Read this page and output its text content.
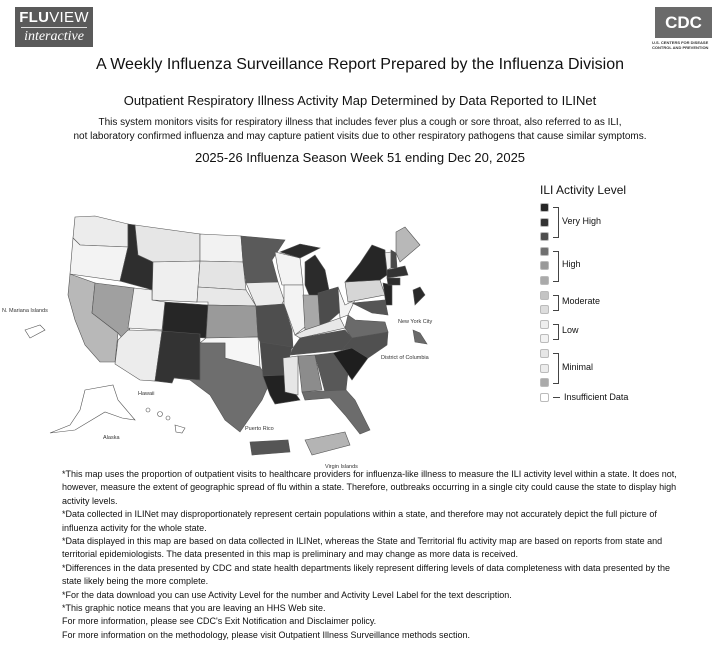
FLUVIEW
interactive
CDC
U.S. CENTERS FOR DISEASE CONTROL AND PREVENTION
A Weekly Influenza Surveillance Report Prepared by the Influenza Division
Outpatient Respiratory Illness Activity Map Determined by Data Reported to ILINet
This system monitors visits for respiratory illness that includes fever plus a cough or sore throat, also referred to as ILI,
not laboratory confirmed influenza and may capture patient visits due to other respiratory pathogens that cause similar symptoms.
2025-26 Influenza Season Week 51 ending Dec 20, 2025
N. Mariana Islands
New York City
District of Columbia
Hawaii
Alaska
Puerto Rico
Virgin Islands
ILI Activity Level
Very High
High
Moderate
Low
Minimal
Insufficient Data
*This map uses the proportion of outpatient visits to healthcare providers for influenza-like illness to measure the ILI activity level within a state. It does not, however, measure the extent of geographic spread of flu within a state. Therefore, outbreaks occurring in a single city could cause the state to display high activity levels.
*Data collected in ILINet may disproportionately represent certain populations within a state, and therefore may not accurately depict the full picture of influenza activity for the whole state.
*Data displayed in this map are based on data collected in ILINet, whereas the State and Territorial flu activity map are based on reports from state and territorial epidemiologists. The data presented in this map is preliminary and may change as more data is received.
*Differences in the data presented by CDC and state health departments likely represent differing levels of data completeness with data presented by the state likely being the more complete.
*For the data download you can use Activity Level for the number and Activity Level Label for the text description.
*This graphic notice means that you are leaving an HHS Web site.
For more information, please see CDC's Exit Notification and Disclaimer policy.
For more information on the methodology, please visit Outpatient Illness Surveillance methods section.
